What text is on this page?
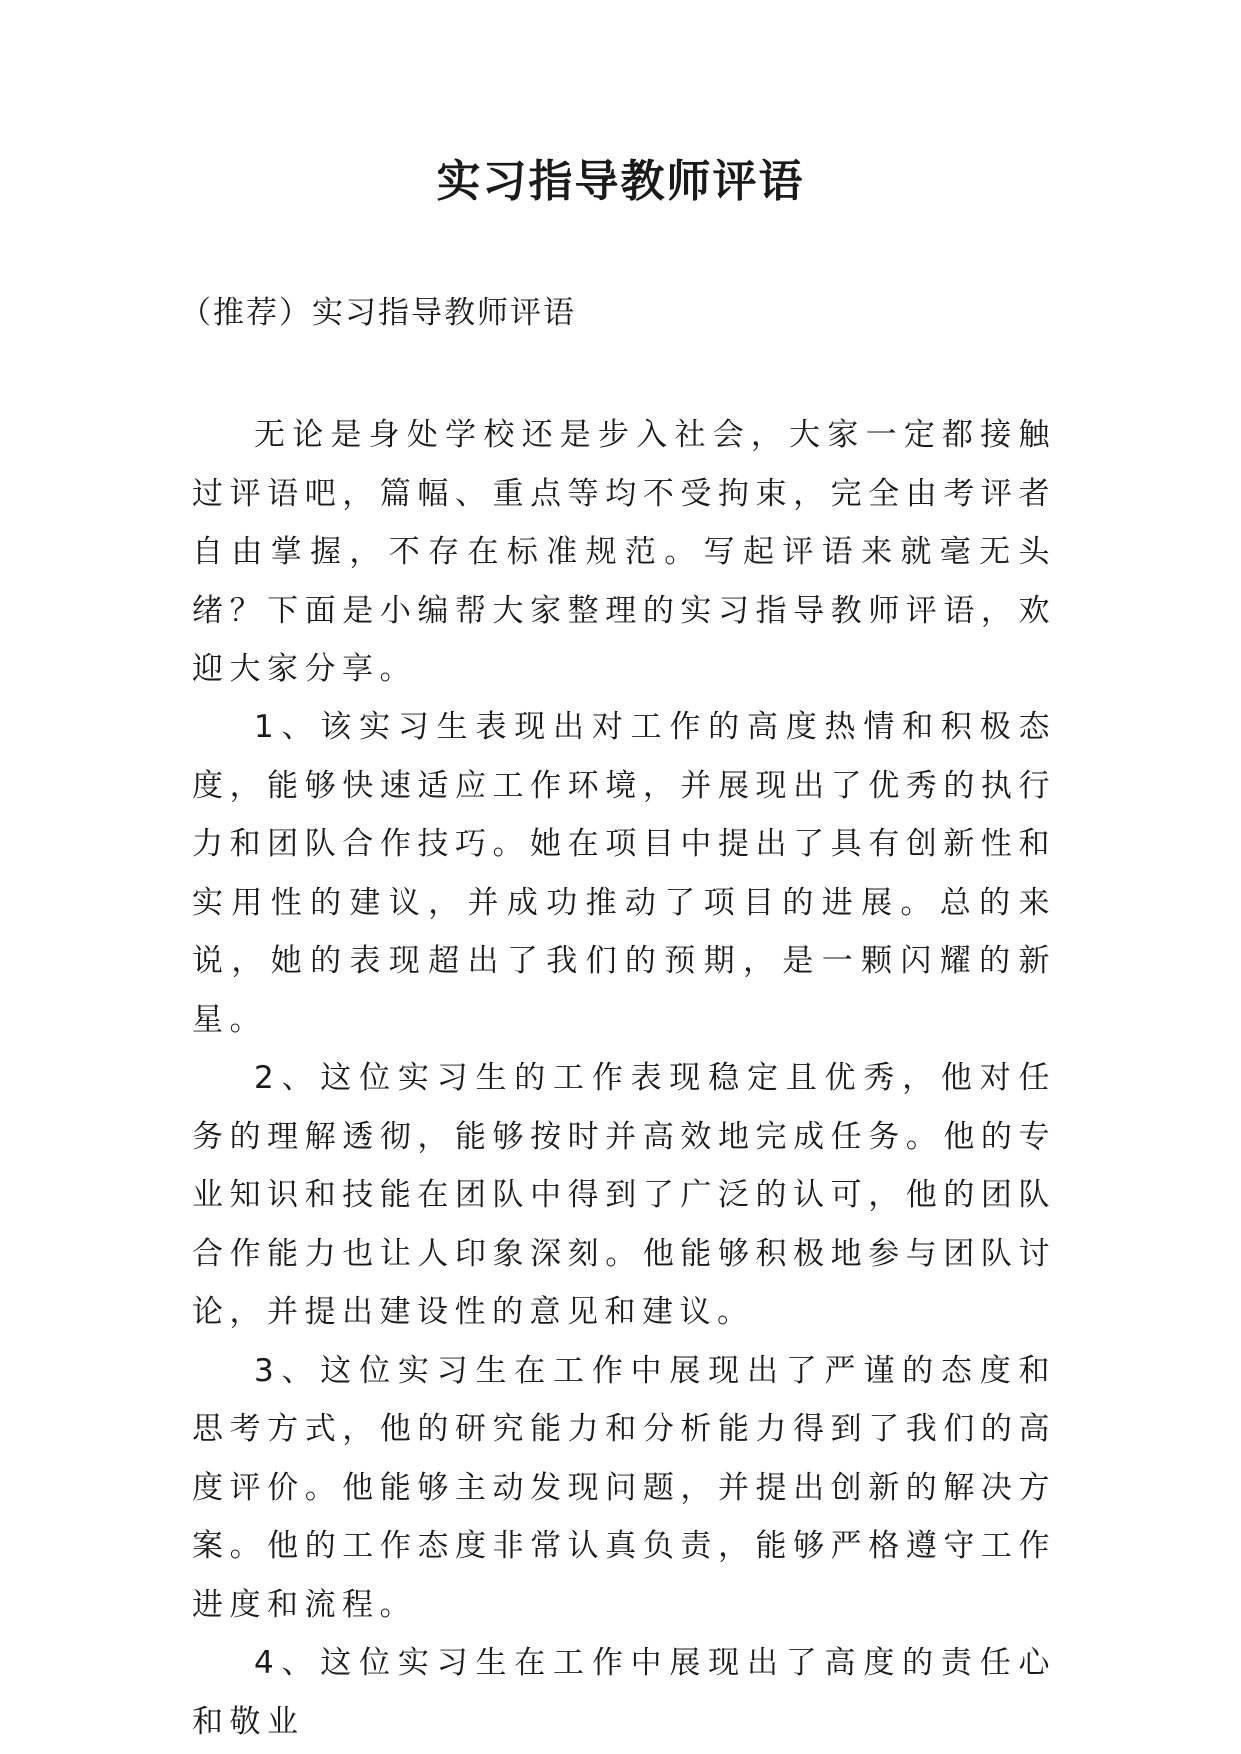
实习指导教师评语

（推荐）实习指导教师评语

无论是身处学校还是步入社会，大家一定都接触过评语吧，篇幅、重点等均不受拘束，完全由考评者自由掌握，不存在标准规范。写起评语来就毫无头绪？下面是小编帮大家整理的实习指导教师评语，欢迎大家分享。

1、该实习生表现出对工作的高度热情和积极态度，能够快速适应工作环境，并展现出了优秀的执行力和团队合作技巧。她在项目中提出了具有创新性和实用性的建议，并成功推动了项目的进展。总的来说，她的表现超出了我们的预期，是一颗闪耀的新星。

2、这位实习生的工作表现稳定且优秀，他对任务的理解透彻，能够按时并高效地完成任务。他的专业知识和技能在团队中得到了广泛的认可，他的团队合作能力也让人印象深刻。他能够积极地参与团队讨论，并提出建设性的意见和建议。

3、这位实习生在工作中展现出了严谨的态度和思考方式，他的研究能力和分析能力得到了我们的高度评价。他能够主动发现问题，并提出创新的解决方案。他的工作态度非常认真负责，能够严格遵守工作进度和流程。

4、这位实习生在工作中展现出了高度的责任心和敬业
